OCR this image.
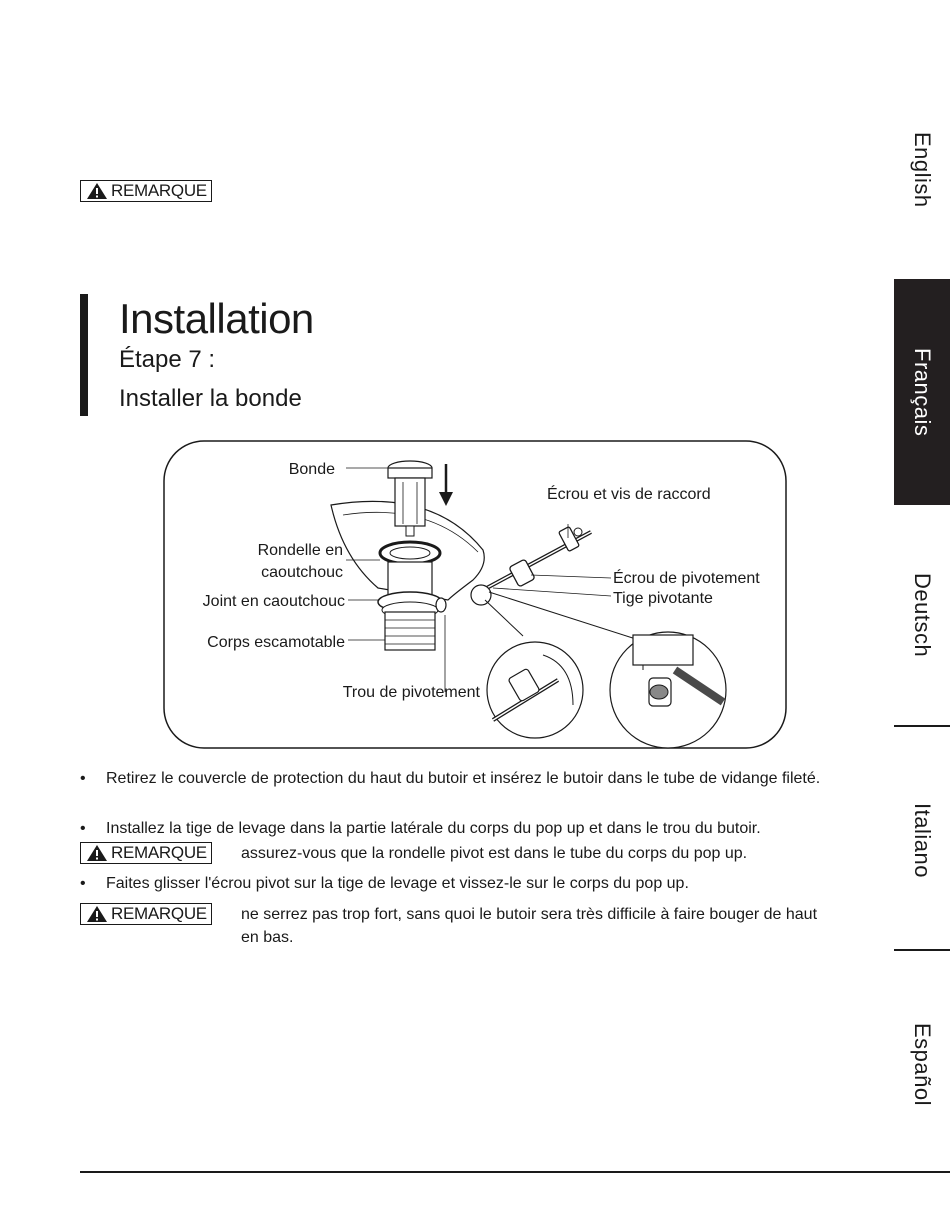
REMARQUE
Installation
Étape 7 :
Installer la bonde
English
Français
Deutsch
Italiano
Español
Bonde
Écrou et vis de raccord
Rondelle en
caoutchouc	Écrou de pivotement
Tige pivotante
Joint en caoutchouc
Corps escamotable
Trou de pivotement
•	Retirez le couvercle de protection du haut du butoir et insérez le butoir dans le tube de vidange fileté.
•	Installez la tige de levage dans la partie latérale du corps du pop up et dans le trou du butoir.
REMARQUE assurez-vous que la rondelle pivot est dans le tube du corps du pop up.
•	Faites glisser l'écrou pivot sur la tige de levage et vissez-le sur le corps du pop up.
REMARQUE ne serrez pas trop fort, sans quoi le butoir sera très difficile à faire bouger de haut en bas.
